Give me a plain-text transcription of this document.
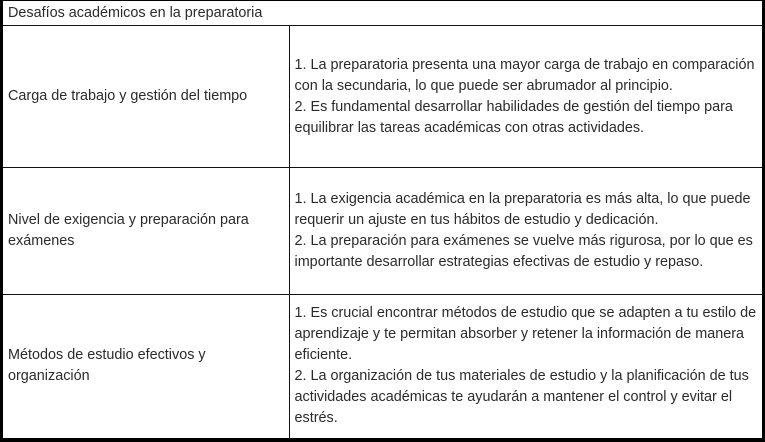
Desafíos académicos en la preparatoria	
Carga de trabajo y gestión del tiempo	1. La preparatoria presenta una mayor carga de trabajo en comparación con la secundaria, lo que puede ser abrumador al principio.
2. Es fundamental desarrollar habilidades de gestión del tiempo para equilibrar las tareas académicas con otras actividades.

Nivel de exigencia y preparación para exámenes	1. La exigencia académica en la preparatoria es más alta, lo que puede requerir un ajuste en tus hábitos de estudio y dedicación.
2. La preparación para exámenes se vuelve más rigurosa, por lo que es importante desarrollar estrategias efectivas de estudio y repaso.

Métodos de estudio efectivos y organización	1. Es crucial encontrar métodos de estudio que se adapten a tu estilo de aprendizaje y te permitan absorber y retener la información de manera eficiente.
2. La organización de tus materiales de estudio y la planificación de tus actividades académicas te ayudarán a mantener el control y evitar el estrés.
